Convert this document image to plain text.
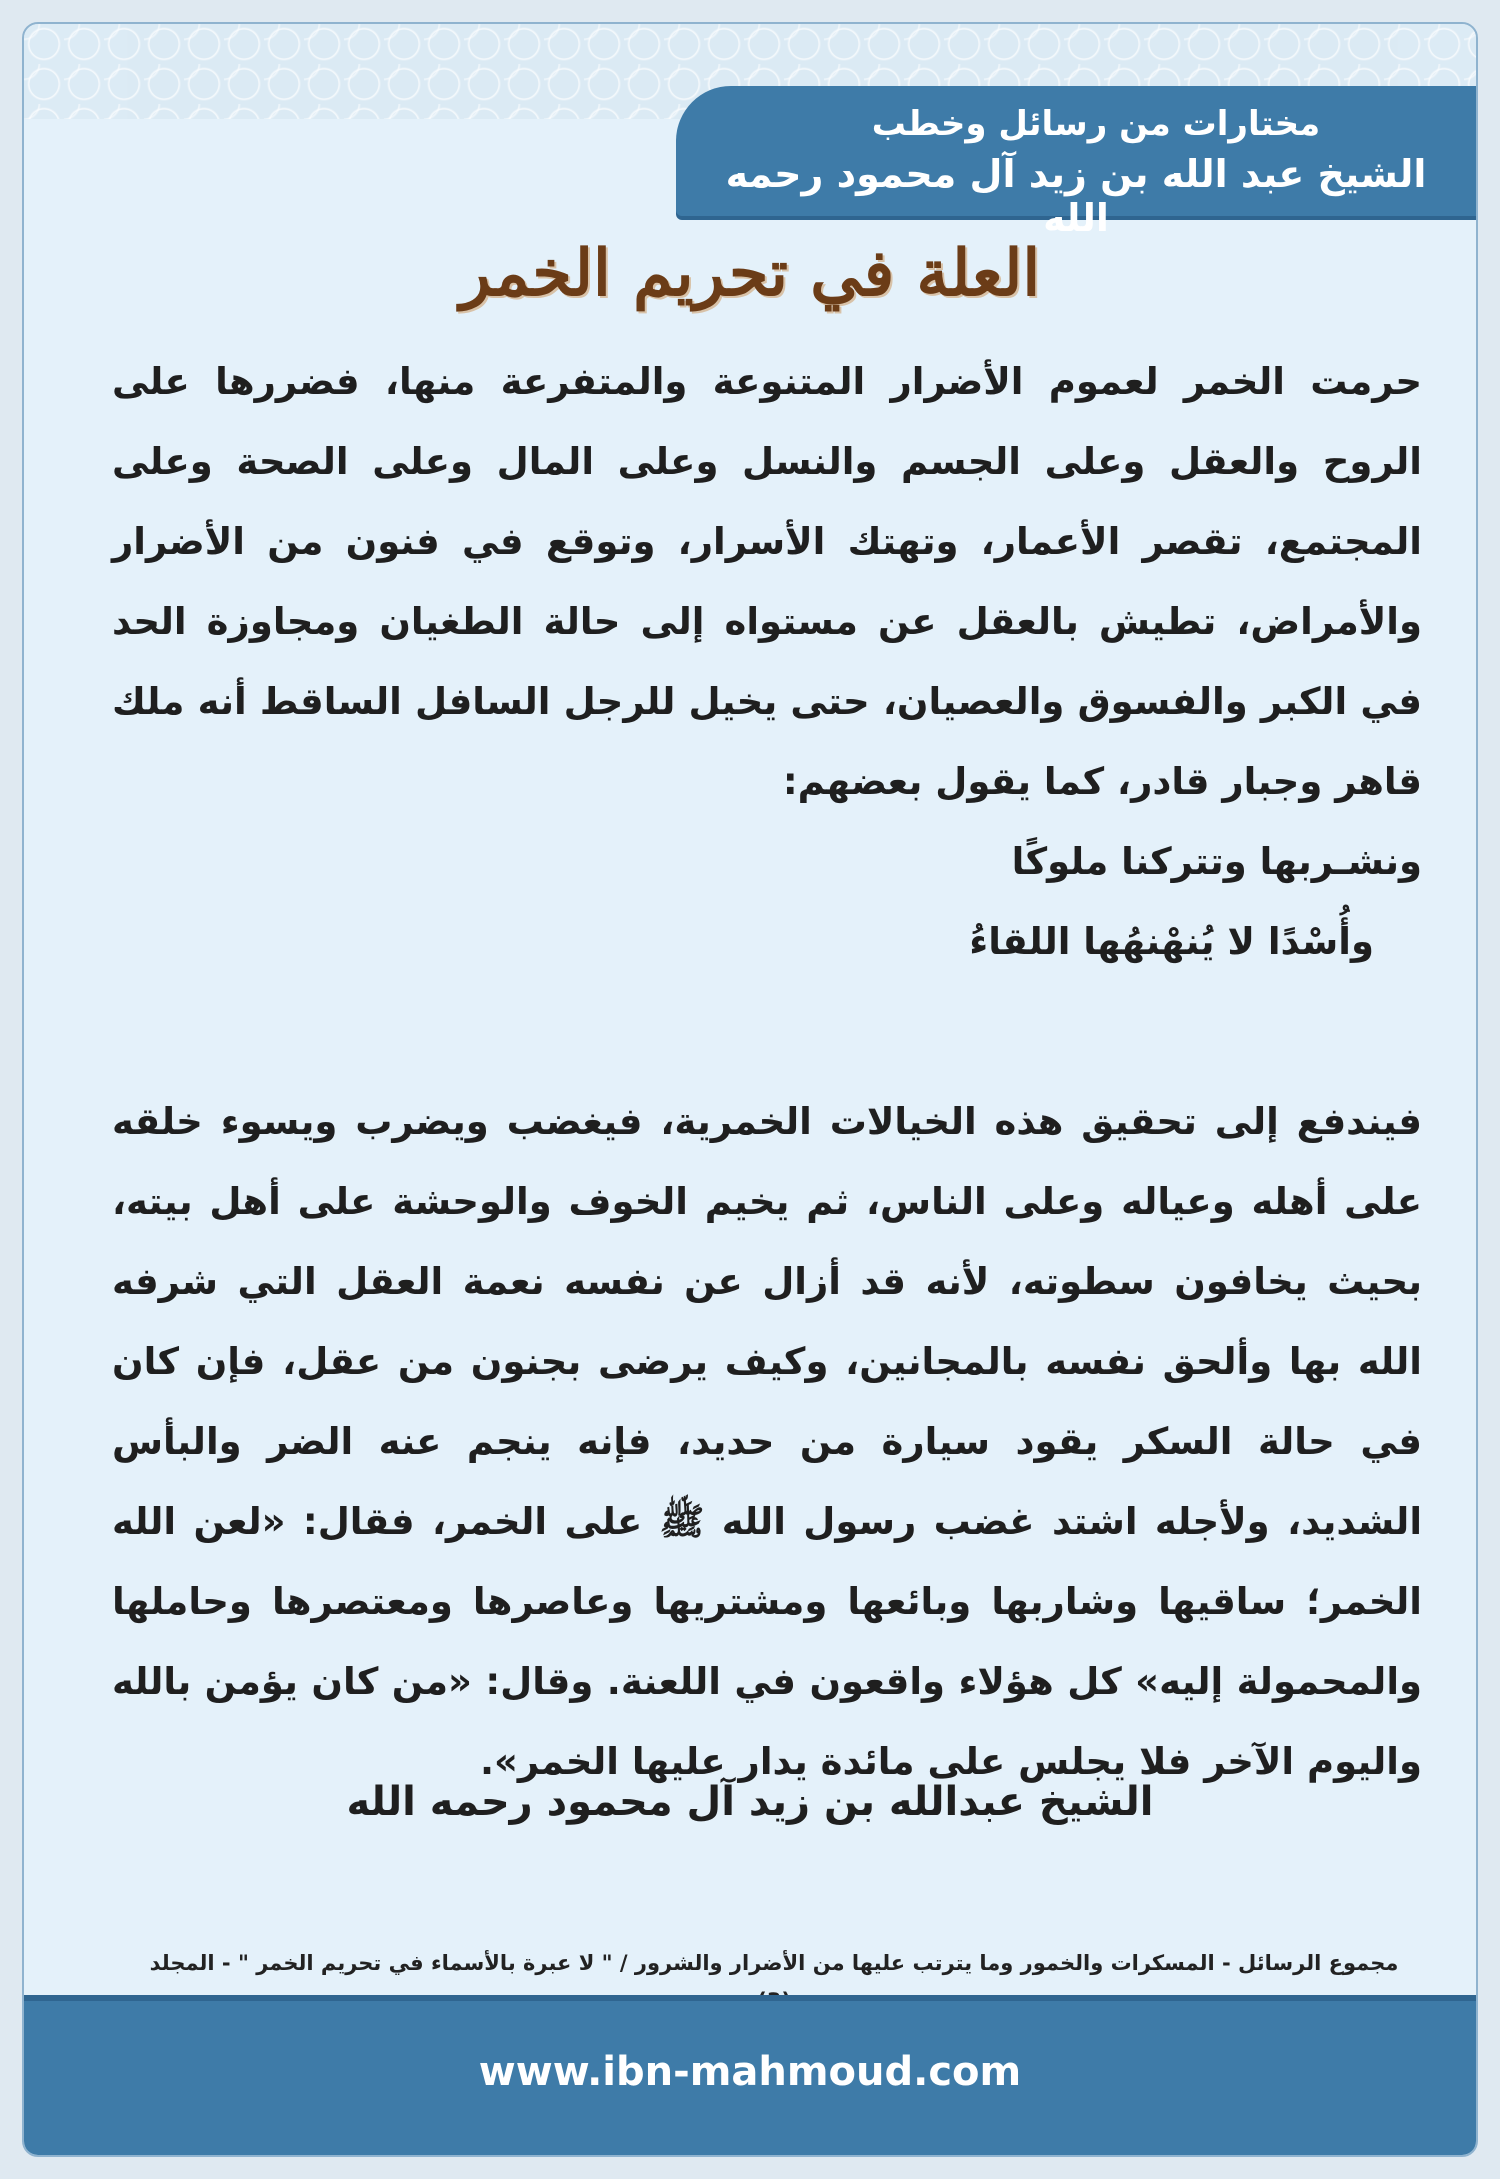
مختارات من رسائل وخطب
الشيخ عبد الله بن زيد آل محمود رحمه الله
العلة في تحريم الخمر

حرمت الخمر لعموم الأضرار المتنوعة والمتفرعة منها، فضررها على الروح والعقل وعلى الجسم والنسل وعلى المال وعلى الصحة وعلى المجتمع، تقصر الأعمار، وتهتك الأسرار، وتوقع في فنون من الأضرار والأمراض، تطيش بالعقل عن مستواه إلى حالة الطغيان ومجاوزة الحد في الكبر والفسوق والعصيان، حتى يخيل للرجل السافل الساقط أنه ملك قاهر وجبار قادر، كما يقول بعضهم:

ونشـربها وتتركنا ملوكًا
وأُسْدًا لا يُنهْنهُها اللقاءُ

فيندفع إلى تحقيق هذه الخيالات الخمرية، فيغضب ويضرب ويسوء خلقه على أهله وعياله وعلى الناس، ثم يخيم الخوف والوحشة على أهل بيته، بحيث يخافون سطوته، لأنه قد أزال عن نفسه نعمة العقل التي شرفه الله بها وألحق نفسه بالمجانين، وكيف يرضى بجنون من عقل، فإن كان في حالة السكر يقود سيارة من حديد، فإنه ينجم عنه الضر والبأس الشديد، ولأجله اشتد غضب رسول الله ﷺ على الخمر، فقال: «لعن الله الخمر؛ ساقيها وشاربها وبائعها ومشتريها وعاصرها ومعتصرها وحاملها والمحمولة إليه» كل هؤلاء واقعون في اللعنة. وقال: «من كان يؤمن بالله واليوم الآخر فلا يجلس على مائدة يدار عليها الخمر».

الشيخ عبدالله بن زيد آل محمود رحمه الله
مجموع الرسائل - المسكرات والخمور وما يترتب عليها من الأضرار والشرور / " لا عبرة بالأسماء في تحريم الخمر " - المجلد
www.ibn-mahmoud.com
